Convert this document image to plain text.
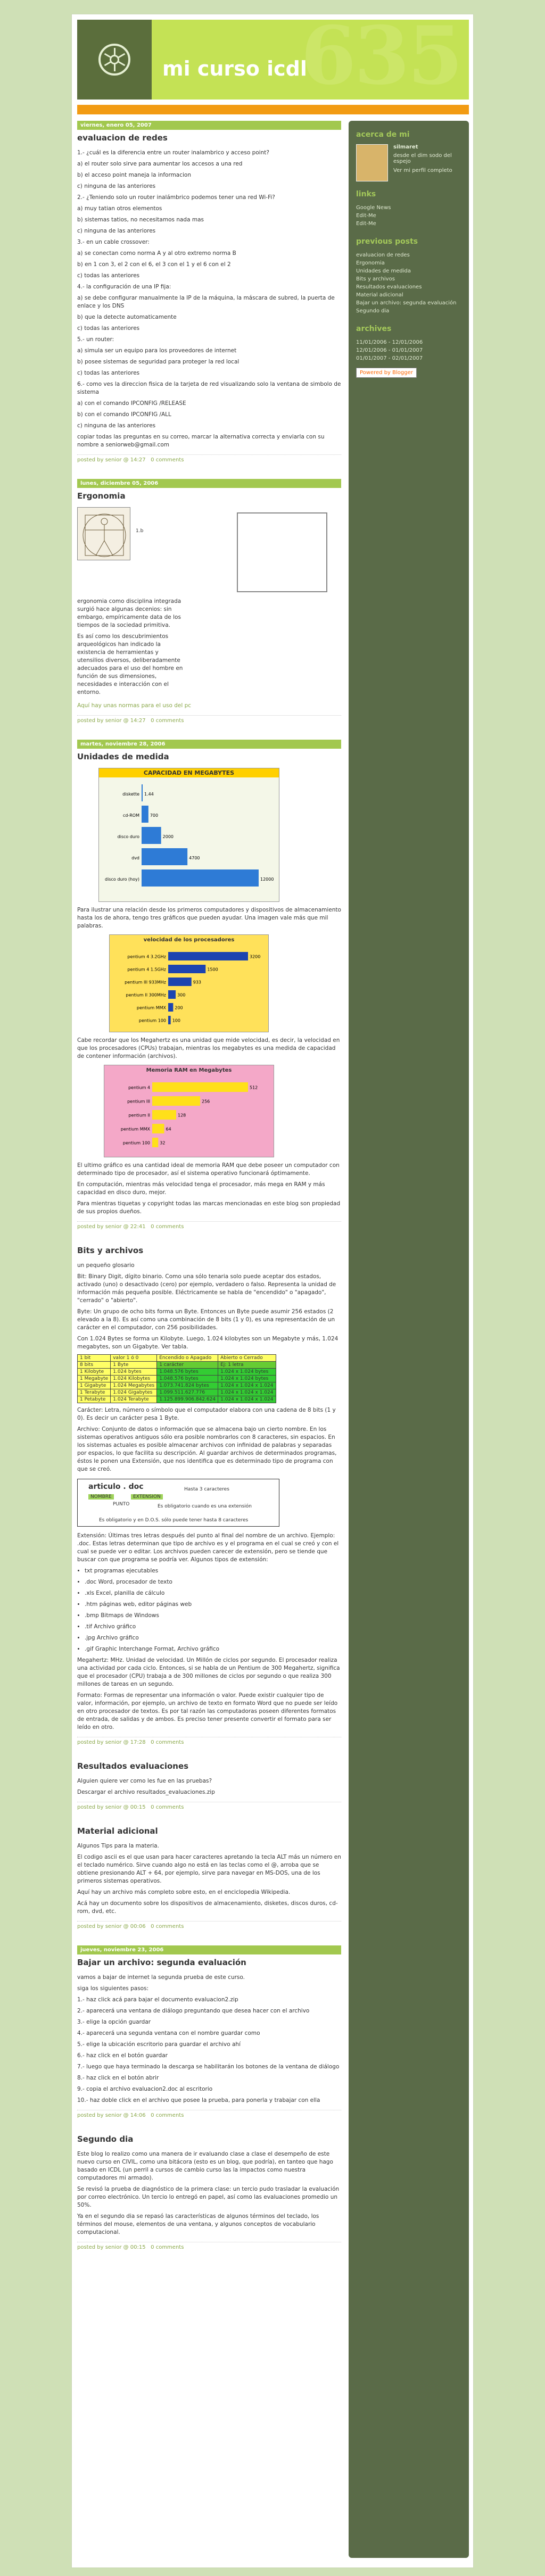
635
mi curso icdl
viernes, enero 05, 2007
evaluacion de redes

1.- ¿cuál es la diferencia entre un router inalambrico y acceso point?

a) el router solo sirve para aumentar los accesos a una red

b) el acceso point maneja la informacion

c) ninguna de las anteriores

2.- ¿Teniendo solo un router inalámbrico podemos tener una red Wi-Fi?

a) muy tatian otros elementos

b) sistemas tatios, no necesitamos nada mas

c) ninguna de las anteriores

3.- en un cable crossover:

a) se conectan como norma A y al otro extremo norma B

b) en 1 con 3, el 2 con el 6, el 3 con el 1 y el 6 con el 2

c) todas las anteriores

4.- la configuración de una IP fija:

a) se debe configurar manualmente la IP de la máquina, la máscara de subred, la puerta de enlace y los DNS

b) que la detecte automaticamente

c) todas las anteriores

5.- un router:

a) simula ser un equipo para los proveedores de internet

b) posee sistemas de seguridad para proteger la red local

c) todas las anteriores

6.- como ves la direccion fisica de la tarjeta de red visualizando solo la ventana de simbolo de sistema

a) con el comando IPCONFIG /RELEASE

b) con el comando IPCONFIG /ALL

c) ninguna de las anteriores

copiar todas las preguntas en su correo, marcar la alternativa correcta y enviarla con su nombre a seniorweb@gmail.com

posted by senior @ 14:27 0 comments
lunes, diciembre 05, 2006
Ergonomia
1.b

ergonomia como disciplina integrada surgió hace algunas decenios: sin embargo, empíricamente data de los tiempos de la sociedad primitiva.

Es así como los descubrimientos arqueológicos han indicado la existencia de herramientas y utensilios diversos, deliberadamente adecuados para el uso del hombre en función de sus dimensiones, necesidades e interacción con el entorno.

Aquí hay unas normas para el uso del pc

posted by senior @ 14:27 0 comments
martes, noviembre 28, 2006
Unidades de medida
CAPACIDAD EN MEGABYTES
diskette 1.44
cd-ROM 700
disco duro	2000
dvd	4700
disco duro (hoy)	12000

Para ilustrar una relación desde los primeros computadores y dispositivos de almacenamiento hasta los de ahora, tengo tres gráficos que pueden ayudar. Una imagen vale más que mil palabras.

velocidad de los procesadores
pentium 4 3.2GHz	3200
pentium 4 1.5GHz	1500
pentium III 933MHz	933
pentium II 300MHz	300
pentium MMX 200
pentium 100 100

Cabe recordar que los Megahertz es una unidad que mide velocidad, es decir, la velocidad en que los procesadores (CPUs) trabajan, mientras los megabytes es una medida de capacidad de contener información (archivos).

Memoria RAM en Megabytes
pentium 4	512
pentium III	256
pentium II	128
pentium MMX	64
pentium 100 32

El ultimo gráfico es una cantidad ideal de memoria RAM que debe poseer un computador con determinado tipo de procesador, así el sistema operativo funcionará óptimamente.

En computación, mientras más velocidad tenga el procesador, más mega en RAM y más capacidad en disco duro, mejor.

Para mientras tiquetas y copyright todas las marcas mencionadas en este blog son propiedad de sus propios dueños.

posted by senior @ 22:41 0 comments
Bits y archivos

un pequeño glosario

Bit: Binary Digit, dígito binario. Como una sólo tenaria solo puede aceptar dos estados, activado (uno) o desactivado (cero) por ejemplo, verdadero o falso. Representa la unidad de información más pequeña posible. Eléctricamente se habla de "encendido" o "apagado", "cerrado" o "abierto".

Byte: Un grupo de ocho bits forma un Byte. Entonces un Byte puede asumir 256 estados (2 elevado a la 8). Es así como una combinación de 8 bits (1 y 0), es una representación de un carácter en el computador, con 256 posibilidades.

Con 1.024 Bytes se forma un Kilobyte. Luego, 1.024 kilobytes son un Megabyte y más, 1.024 megabytes, son un Gigabyte. Ver tabla.

1 bit	valor 1 ó 0	Encendido o Apagado	Abierto o Cerrado
8 bits	1 Byte	1 carácter	Ej: 1 letra
1 Kilobyte	1.024 bytes	1.048.576 bytes	1.024 x 1.024 bytes
1 Megabyte	1.024 Kilobytes	1.048.576 bytes	1.024 x 1.024 bytes
1 Gigabyte	1.024 Megabytes	1.073.741.824 bytes	1.024 x 1.024 x 1.024
1 Terabyte	1.024 Gigabytes	1.099.511.627.776	1.024 x 1.024 x 1.024
1 Petabyte	1.024 Terabyte	1.125.899.906.842.624	1.024 x 1.024 x 1.024

Carácter: Letra, número o símbolo que el computador elabora con una cadena de 8 bits (1 y 0). Es decir un carácter pesa 1 Byte.

Archivo: Conjunto de datos o información que se almacena bajo un cierto nombre. En los sistemas operativos antiguos sólo era posible nombrarlos con 8 caracteres, sin espacios. En los sistemas actuales es posible almacenar archivos con infinidad de palabras y separadas por espacios, lo que facilita su descripción. Al guardar archivos de determinados programas, éstos le ponen una Extensión, que nos identifica que es determinado tipo de programa con que se creó.

articulo . doc
NOMBRE
PUNTO
EXTENSION
Hasta 3 caracteres
Es obligatorio cuando es una extensión
Es obligatorio y en D.O.S. sólo puede tener hasta 8 caracteres

Extensión: Últimas tres letras después del punto al final del nombre de un archivo. Ejemplo: .doc. Estas letras determinan que tipo de archivo es y el programa en el cual se creó y con el cual se puede ver o editar. Los archivos pueden carecer de extensión, pero se tiende que buscar con que programa se podría ver. Algunos tipos de extensión:

• txt programas ejecutables
• .doc Word, procesador de texto
• .xls Excel, planilla de cálculo
• .htm páginas web, editor páginas web
• .bmp Bitmaps de Windows
• .tif Archivo gráfico
• .jpg Archivo gráfico
• .gif Graphic Interchange Format, Archivo gráfico

Megahertz: MHz. Unidad de velocidad. Un Millón de ciclos por segundo. El procesador realiza una actividad por cada ciclo. Entonces, si se habla de un Pentium de 300 Megahertz, significa que el procesador (CPU) trabaja a de 300 millones de ciclos por segundo o que realiza 300 millones de tareas en un segundo.

Formato: Formas de representar una información o valor. Puede existir cualquier tipo de valor, información, por ejemplo, un archivo de texto en formato Word que no puede ser leído en otro procesador de textos. Es por tal razón las computadoras poseen diferentes formatos de entrada, de salidas y de ambos. Es preciso tener presente convertir el formato para ser leído en otro.

posted by senior @ 17:28 0 comments
Resultados evaluaciones

Alguien quiere ver como les fue en las pruebas?

Descargar el archivo resultados_evaluaciones.zip

posted by senior @ 00:15 0 comments
Material adicional

Algunos Tips para la materia.

El codigo ascii es el que usan para hacer caracteres apretando la tecla ALT más un número en el teclado numérico. Sirve cuando algo no está en las teclas como el @, arroba que se obtiene presionando ALT + 64, por ejemplo, sirve para navegar en MS-DOS, una de los primeros sistemas operativos.

Aquí hay un archivo más completo sobre esto, en el enciclopedia Wikipedia.

Acá hay un documento sobre los dispositivos de almacenamiento, disketes, discos duros, cd-rom, dvd, etc.

posted by senior @ 00:06 0 comments
jueves, noviembre 23, 2006
Bajar un archivo: segunda evaluación

vamos a bajar de internet la segunda prueba de este curso.

siga los siguientes pasos:

1.- haz click acá para bajar el documento evaluacion2.zip

2.- aparecerá una ventana de diálogo preguntando que desea hacer con el archivo

3.- elige la opción guardar

4.- aparecerá una segunda ventana con el nombre guardar como

5.- elige la ubicación escritorio para guardar el archivo ahí

6.- haz click en el botón guardar

7.- luego que haya terminado la descarga se habilitarán los botones de la ventana de diálogo

8.- haz click en el botón abrir

9.- copia el archivo evaluacion2.doc al escritorio

10.- haz doble click en el archivo que posee la prueba, para ponerla y trabajar con ella

posted by senior @ 14:06 0 comments
Segundo dia

Este blog lo realizo como una manera de ir evaluando clase a clase el desempeño de este nuevo curso en CIVIL, como una bitácora (esto es un blog, que podría), en tanteo que hago basado en ICDL (un perril a cursos de cambio curso las la impactos como nuestra computadores mi armado).

Se revisó la prueba de diagnóstico de la primera clase: un tercio pudo trasladar la evaluación por correo electrónico. Un tercio lo entregó en papel, así como las evaluaciones promedio un 50%.

Ya en el segundo dia se repasó las características de algunos términos del teclado, los términos del mouse, elementos de una ventana, y algunos conceptos de vocabulario computacional.

posted by senior @ 00:15 0 comments
acerca de mi
silmaret
desde el dim sodo del espejo
Ver mi perfil completo
links
Google News
Edit-Me
Edit-Me
previous posts
evaluacion de redes
Ergonomia
Unidades de medida
Bits y archivos
Resultados evaluaciones
Material adicional
Bajar un archivo: segunda evaluación
Segundo dia
archives
11/01/2006 - 12/01/2006
12/01/2006 - 01/01/2007
01/01/2007 - 02/01/2007
Powered by Blogger
